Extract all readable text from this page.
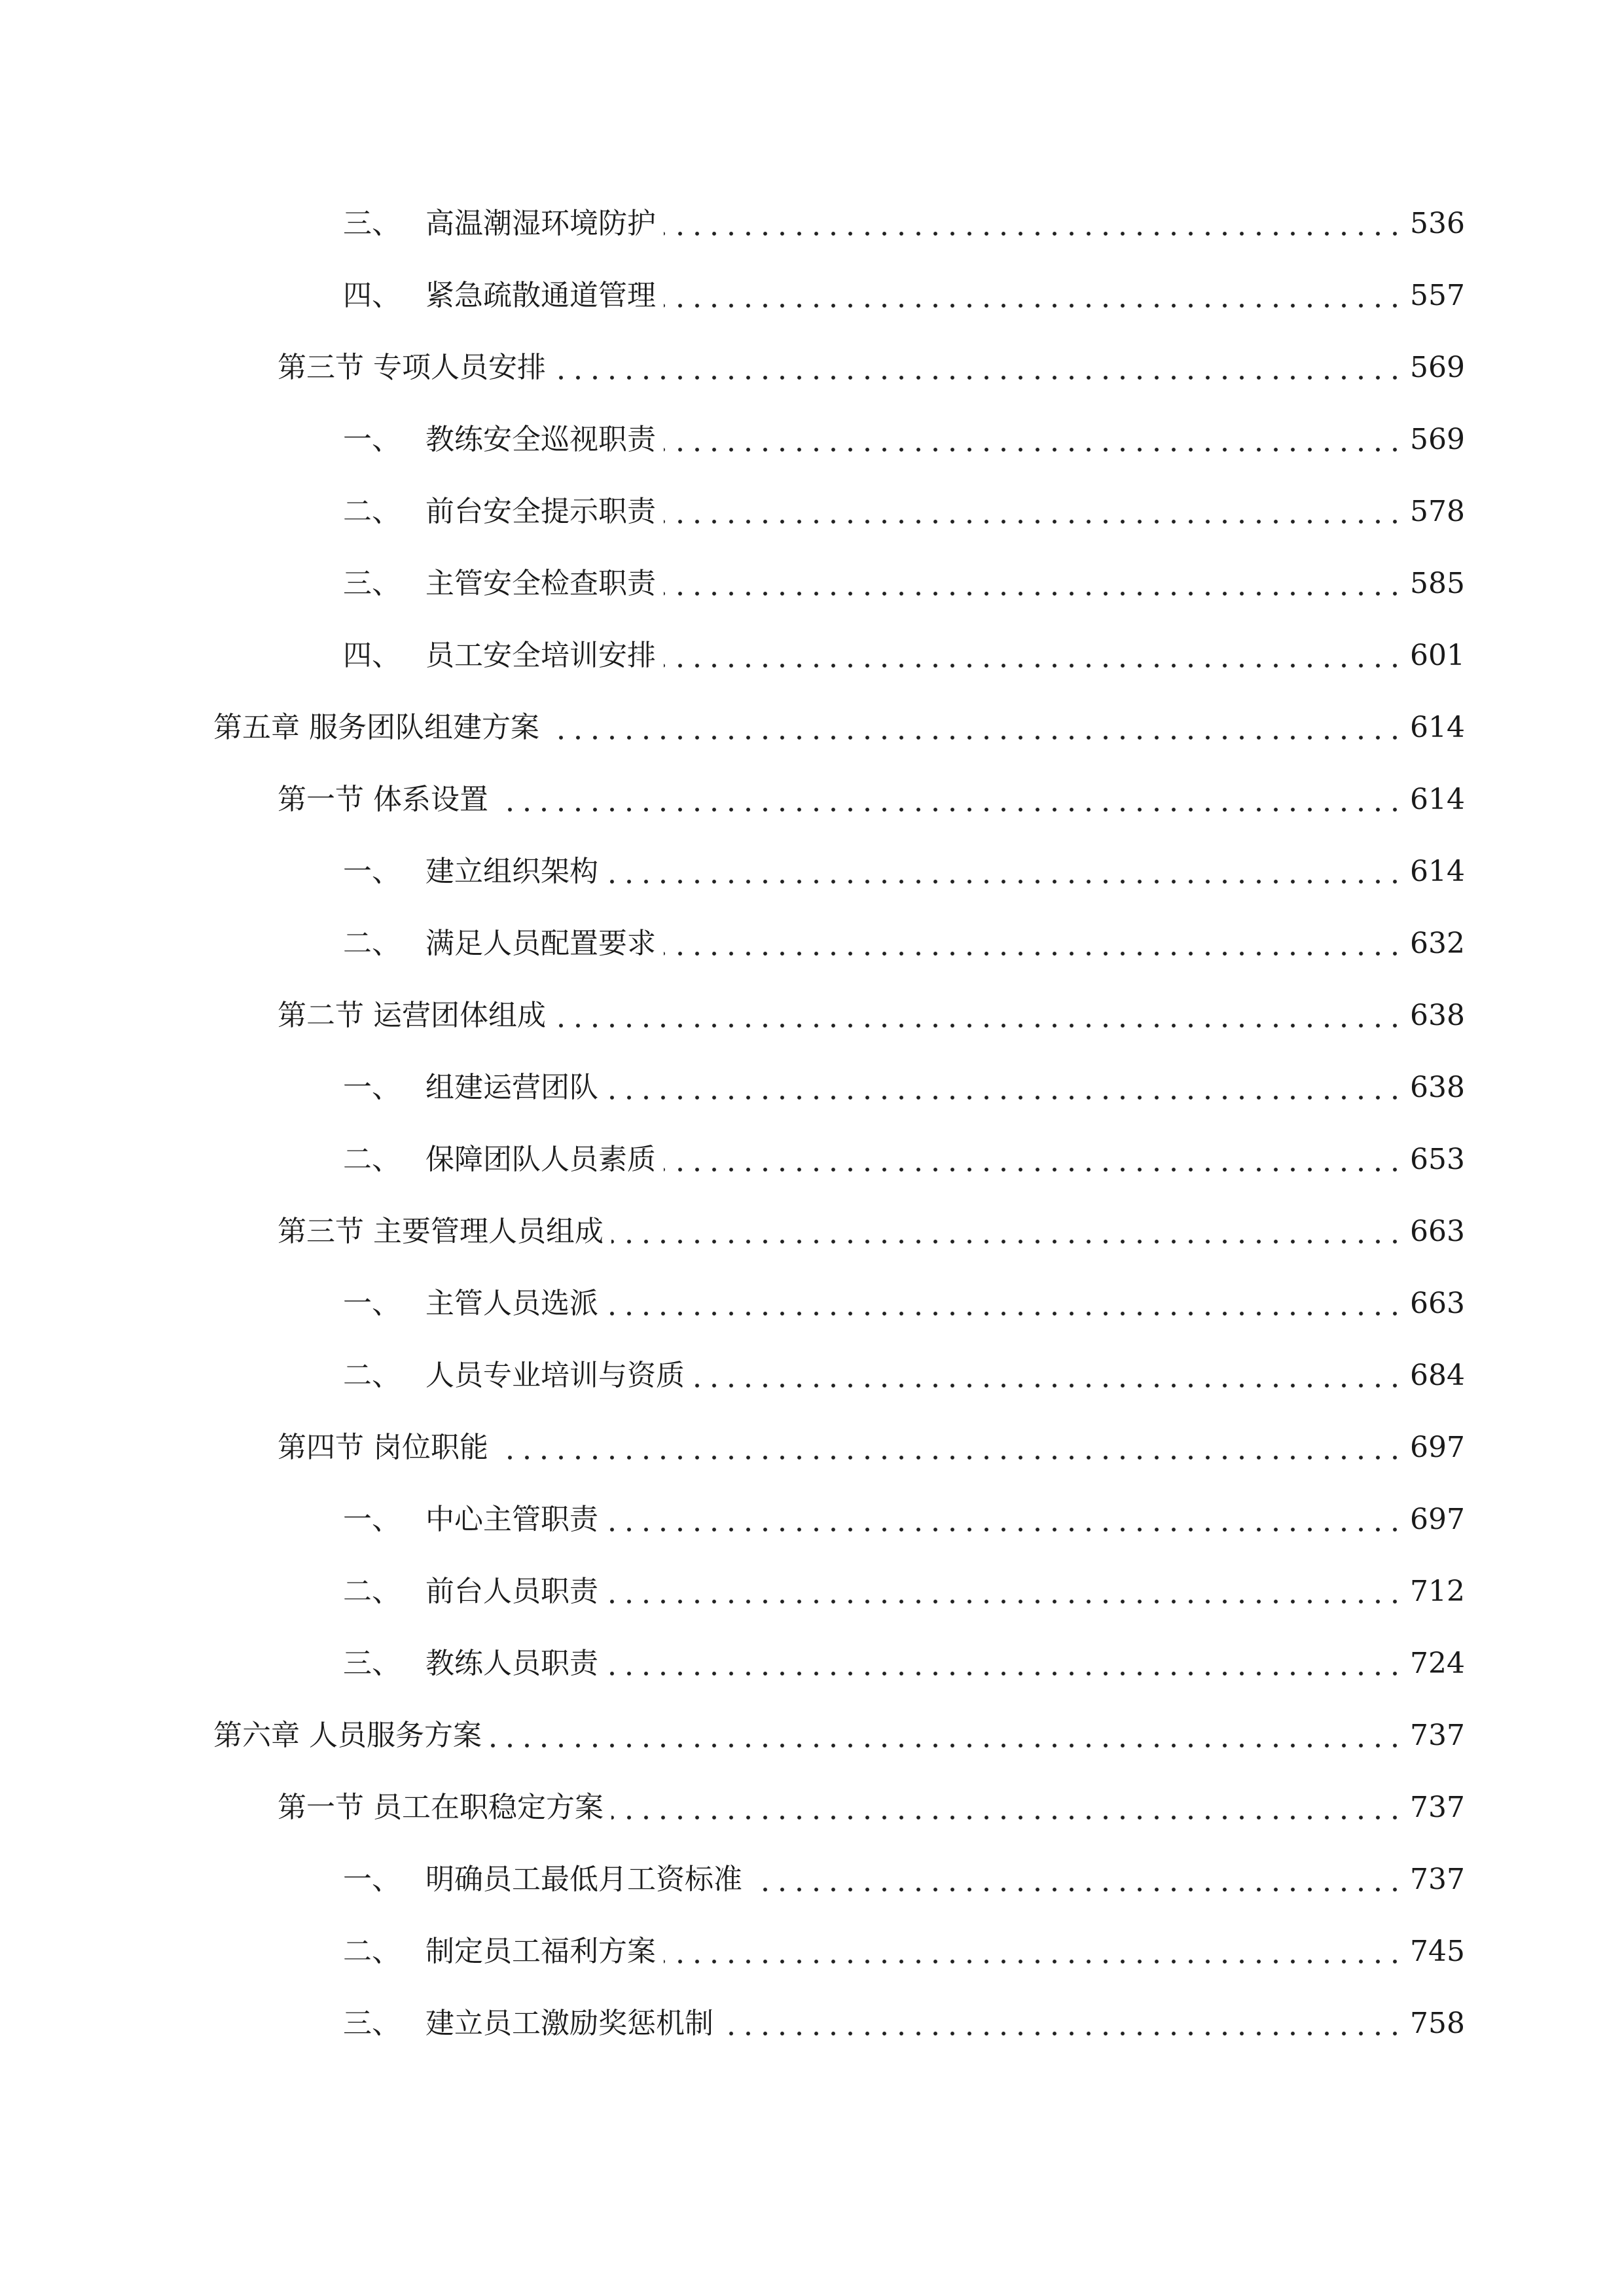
三、 高温潮湿环境防护	536
四、 紧急疏散通道管理	557
第三节 专项人员安排	569
一、 教练安全巡视职责	569
二、 前台安全提示职责	578
三、 主管安全检查职责	585
四、 员工安全培训安排	601
第五章 服务团队组建方案	614
第一节 体系设置	614
一、 建立组织架构	614
二、 满足人员配置要求	632
第二节 运营团体组成	638
一、 组建运营团队	638
二、 保障团队人员素质	653
第三节 主要管理人员组成	663
一、 主管人员选派	663
二、 人员专业培训与资质	684
第四节 岗位职能	697
一、 中心主管职责	697
二、 前台人员职责	712
三、 教练人员职责	724
第六章 人员服务方案	737
第一节 员工在职稳定方案	737
一、 明确员工最低月工资标准	737
二、 制定员工福利方案	745
三、 建立员工激励奖惩机制	758
